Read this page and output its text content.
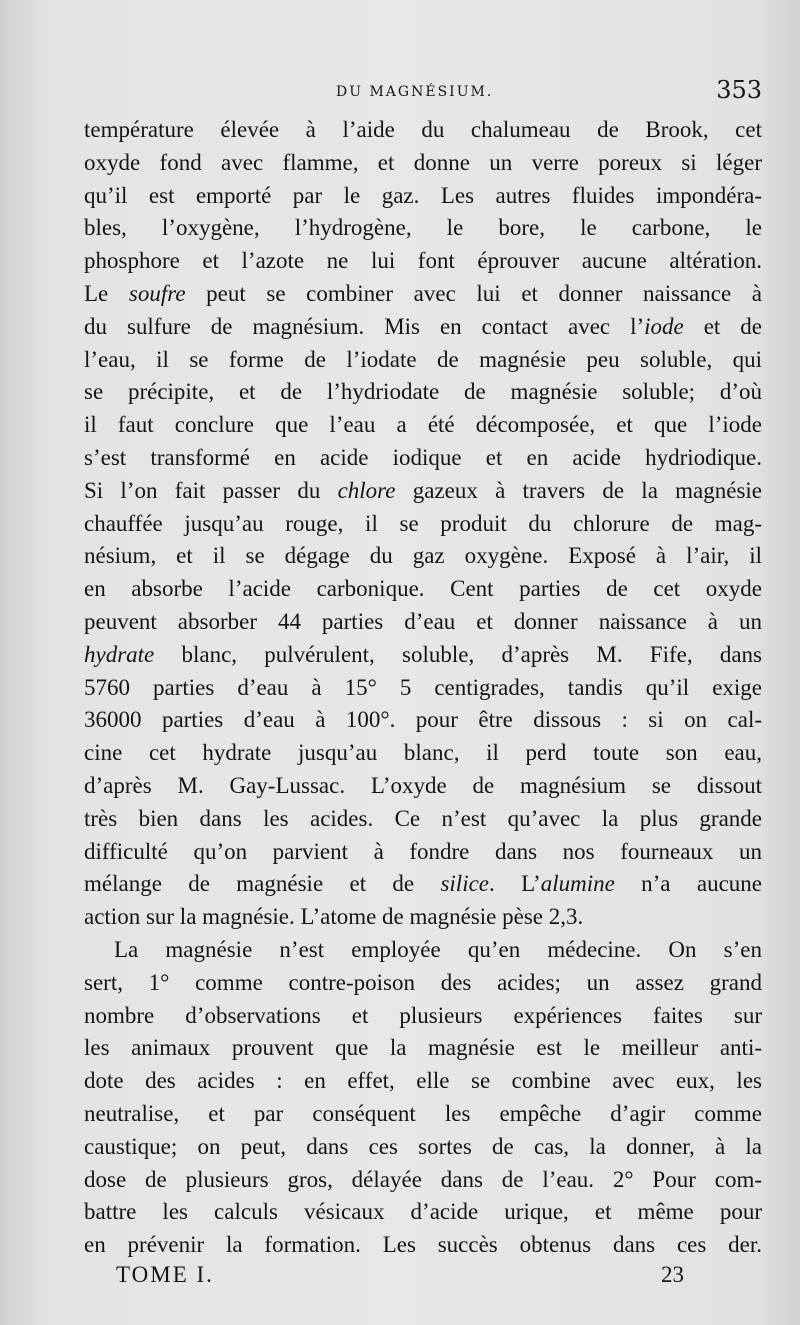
DU MAGNÉSIUM.	353
température élevée à l’aide du chalumeau de Brook, cet
oxyde fond avec flamme, et donne un verre poreux si léger
qu’il est emporté par le gaz. Les autres fluides impondéra-
bles, l’oxygène, l’hydrogène, le bore, le carbone, le
phosphore et l’azote ne lui font éprouver aucune altération.
Le soufre peut se combiner avec lui et donner naissance à
du sulfure de magnésium. Mis en contact avec l’iode et de
l’eau, il se forme de l’iodate de magnésie peu soluble, qui
se précipite, et de l’hydriodate de magnésie soluble; d’où
il faut conclure que l’eau a été décomposée, et que l’iode
s’est transformé en acide iodique et en acide hydriodique.
Si l’on fait passer du chlore gazeux à travers de la magnésie
chauffée jusqu’au rouge, il se produit du chlorure de mag-
nésium, et il se dégage du gaz oxygène. Exposé à l’air, il
en absorbe l’acide carbonique. Cent parties de cet oxyde
peuvent absorber 44 parties d’eau et donner naissance à un
hydrate blanc, pulvérulent, soluble, d’après M. Fife, dans
5760 parties d’eau à 15° 5 centigrades, tandis qu’il exige
36000 parties d’eau à 100°. pour être dissous : si on cal-
cine cet hydrate jusqu’au blanc, il perd toute son eau,
d’après M. Gay-Lussac. L’oxyde de magnésium se dissout
très bien dans les acides. Ce n’est qu’avec la plus grande
difficulté qu’on parvient à fondre dans nos fourneaux un
mélange de magnésie et de silice. L’alumine n’a aucune
action sur la magnésie. L’atome de magnésie pèse 2,3.
La magnésie n’est employée qu’en médecine. On s’en
sert, 1° comme contre-poison des acides; un assez grand
nombre d’observations et plusieurs expériences faites sur
les animaux prouvent que la magnésie est le meilleur anti-
dote des acides : en effet, elle se combine avec eux, les
neutralise, et par conséquent les empêche d’agir comme
caustique; on peut, dans ces sortes de cas, la donner, à la
dose de plusieurs gros, délayée dans de l’eau. 2° Pour com-
battre les calculs vésicaux d’acide urique, et même pour
en prévenir la formation. Les succès obtenus dans ces der.
TOME I.	23
